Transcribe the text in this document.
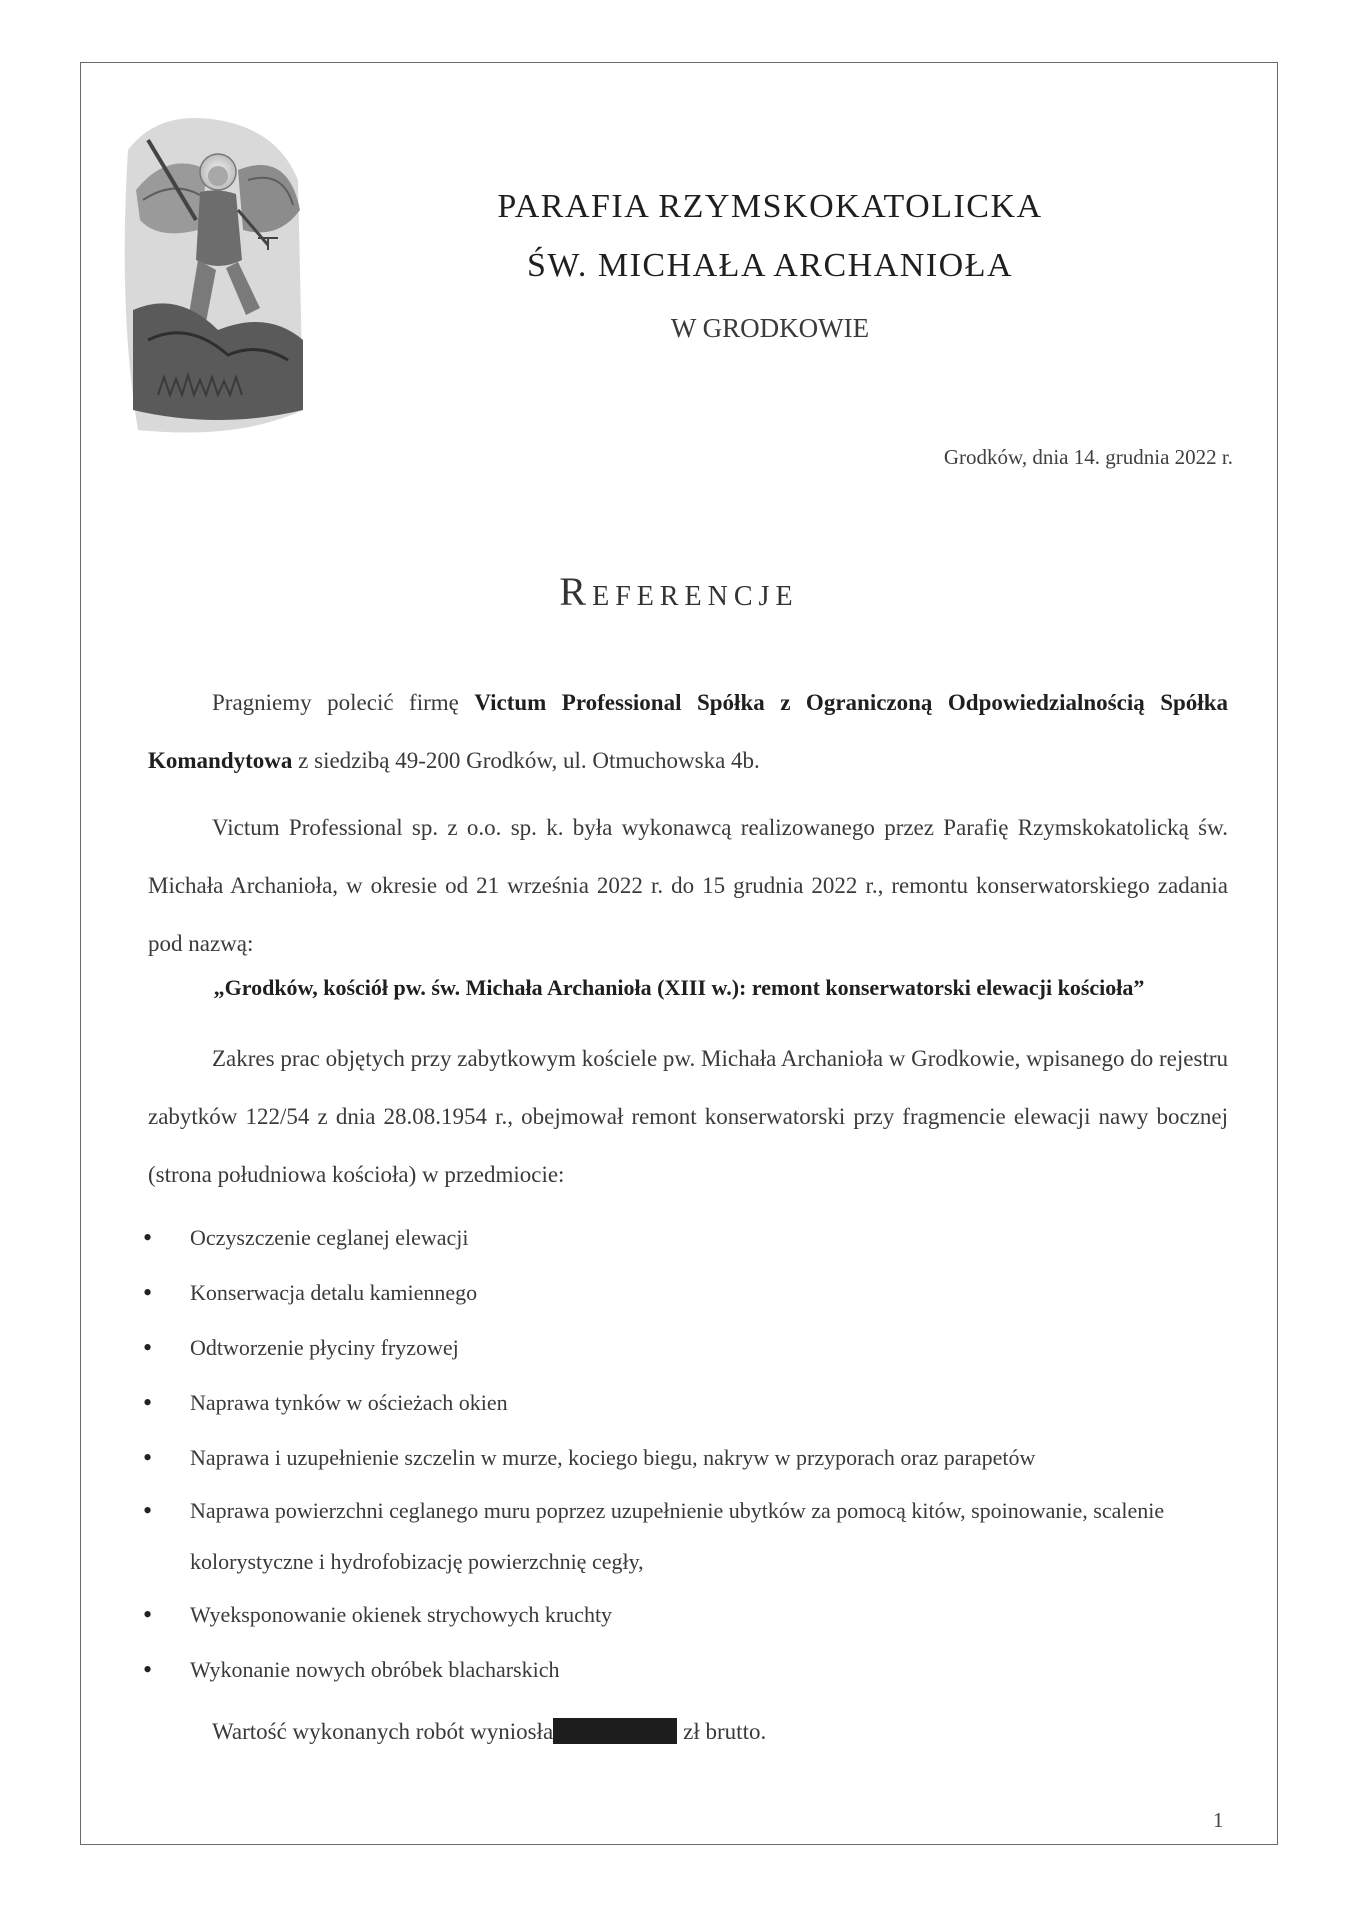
PARAFIA RZYMSKOKATOLICKA
ŚW. MICHAŁA ARCHANIOŁA
W GRODKOWIE
Grodków, dnia 14. grudnia 2022 r.
Referencje

Pragniemy polecić firmę Victum Professional Spółka z Ograniczoną Odpowiedzialnością Spółka Komandytowa z siedzibą 49-200 Grodków, ul. Otmuchowska 4b.

Victum Professional sp. z o.o. sp. k. była wykonawcą realizowanego przez Parafię Rzymskokatolicką św. Michała Archanioła, w okresie od 21 września 2022 r. do 15 grudnia 2022 r., remontu konserwatorskiego zadania pod nazwą:

„Grodków, kościół pw. św. Michała Archanioła (XIII w.): remont konserwatorski elewacji kościoła”

Zakres prac objętych przy zabytkowym kościele pw. Michała Archanioła w Grodkowie, wpisanego do rejestru zabytków 122/54 z dnia 28.08.1954 r., obejmował remont konserwatorski przy fragmencie elewacji nawy bocznej (strona południowa kościoła) w przedmiocie:

• Oczyszczenie ceglanej elewacji
• Konserwacja detalu kamiennego
• Odtworzenie płyciny fryzowej
• Naprawa tynków w ościeżach okien
• Naprawa i uzupełnienie szczelin w murze, kociego biegu, nakryw w przyporach oraz parapetów
• Naprawa powierzchni ceglanego muru poprzez uzupełnienie ubytków za pomocą kitów, spoinowanie, scalenie kolorystyczne i hydrofobizację powierzchnię cegły,
• Wyeksponowanie okienek strychowych kruchty
• Wykonanie nowych obróbek blacharskich
Wartość wykonanych robót wyniosła	zł brutto.
1
